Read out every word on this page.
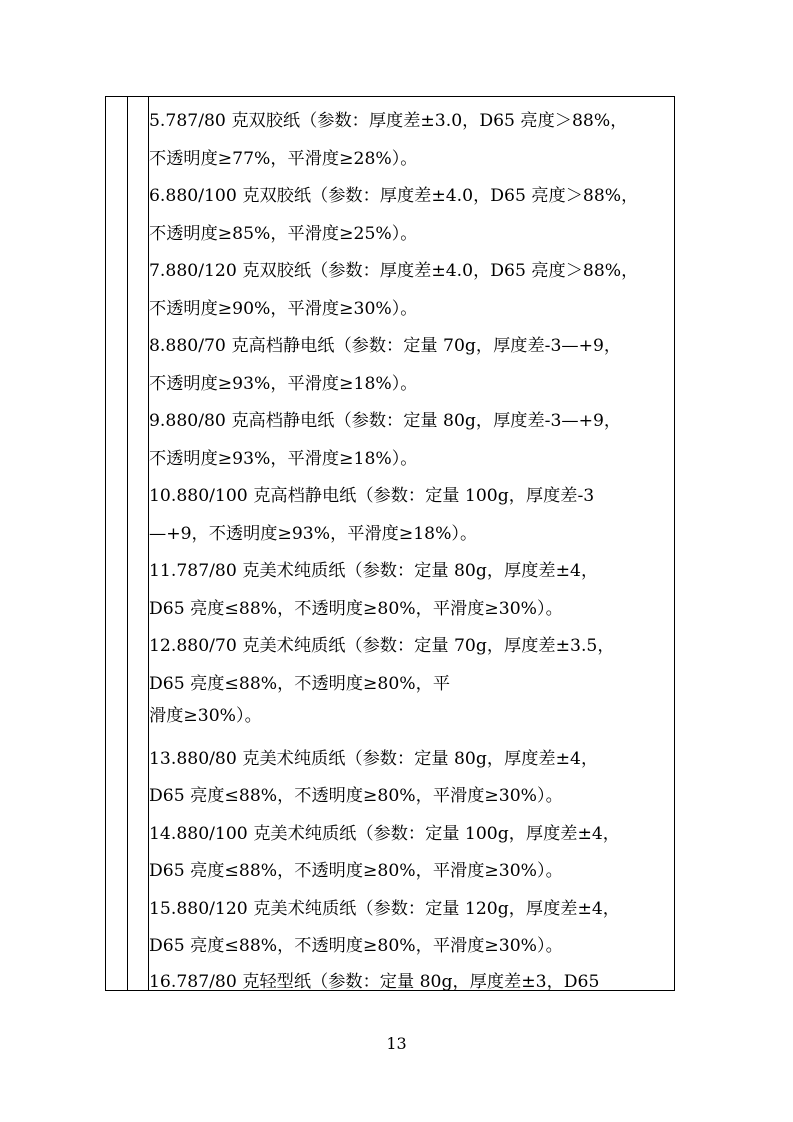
5.787/80 克双胶纸（参数：厚度差±3.0，D65 亮度＞88%，
不透明度≥77%，平滑度≥28%）。
6.880/100 克双胶纸（参数：厚度差±4.0，D65 亮度＞88%，
不透明度≥85%，平滑度≥25%）。
7.880/120 克双胶纸（参数：厚度差±4.0，D65 亮度＞88%，
不透明度≥90%，平滑度≥30%）。
8.880/70 克高档静电纸（参数：定量 70g，厚度差-3—+9，
不透明度≥93%，平滑度≥18%）。
9.880/80 克高档静电纸（参数：定量 80g，厚度差-3—+9，
不透明度≥93%，平滑度≥18%）。
10.880/100 克高档静电纸（参数：定量 100g，厚度差-3
—+9，不透明度≥93%，平滑度≥18%）。
11.787/80 克美术纯质纸（参数：定量 80g，厚度差±4，
D65 亮度≤88%，不透明度≥80%，平滑度≥30%）。
12.880/70 克美术纯质纸（参数：定量 70g，厚度差±3.5，
D65 亮度≤88%，不透明度≥80%，平
滑度≥30%）。
13.880/80 克美术纯质纸（参数：定量 80g，厚度差±4，
D65 亮度≤88%，不透明度≥80%，平滑度≥30%）。
14.880/100 克美术纯质纸（参数：定量 100g，厚度差±4，
D65 亮度≤88%，不透明度≥80%，平滑度≥30%）。
15.880/120 克美术纯质纸（参数：定量 120g，厚度差±4，
D65 亮度≤88%，不透明度≥80%，平滑度≥30%）。
16.787/80 克轻型纸（参数：定量 80g，厚度差±3，D65
13
